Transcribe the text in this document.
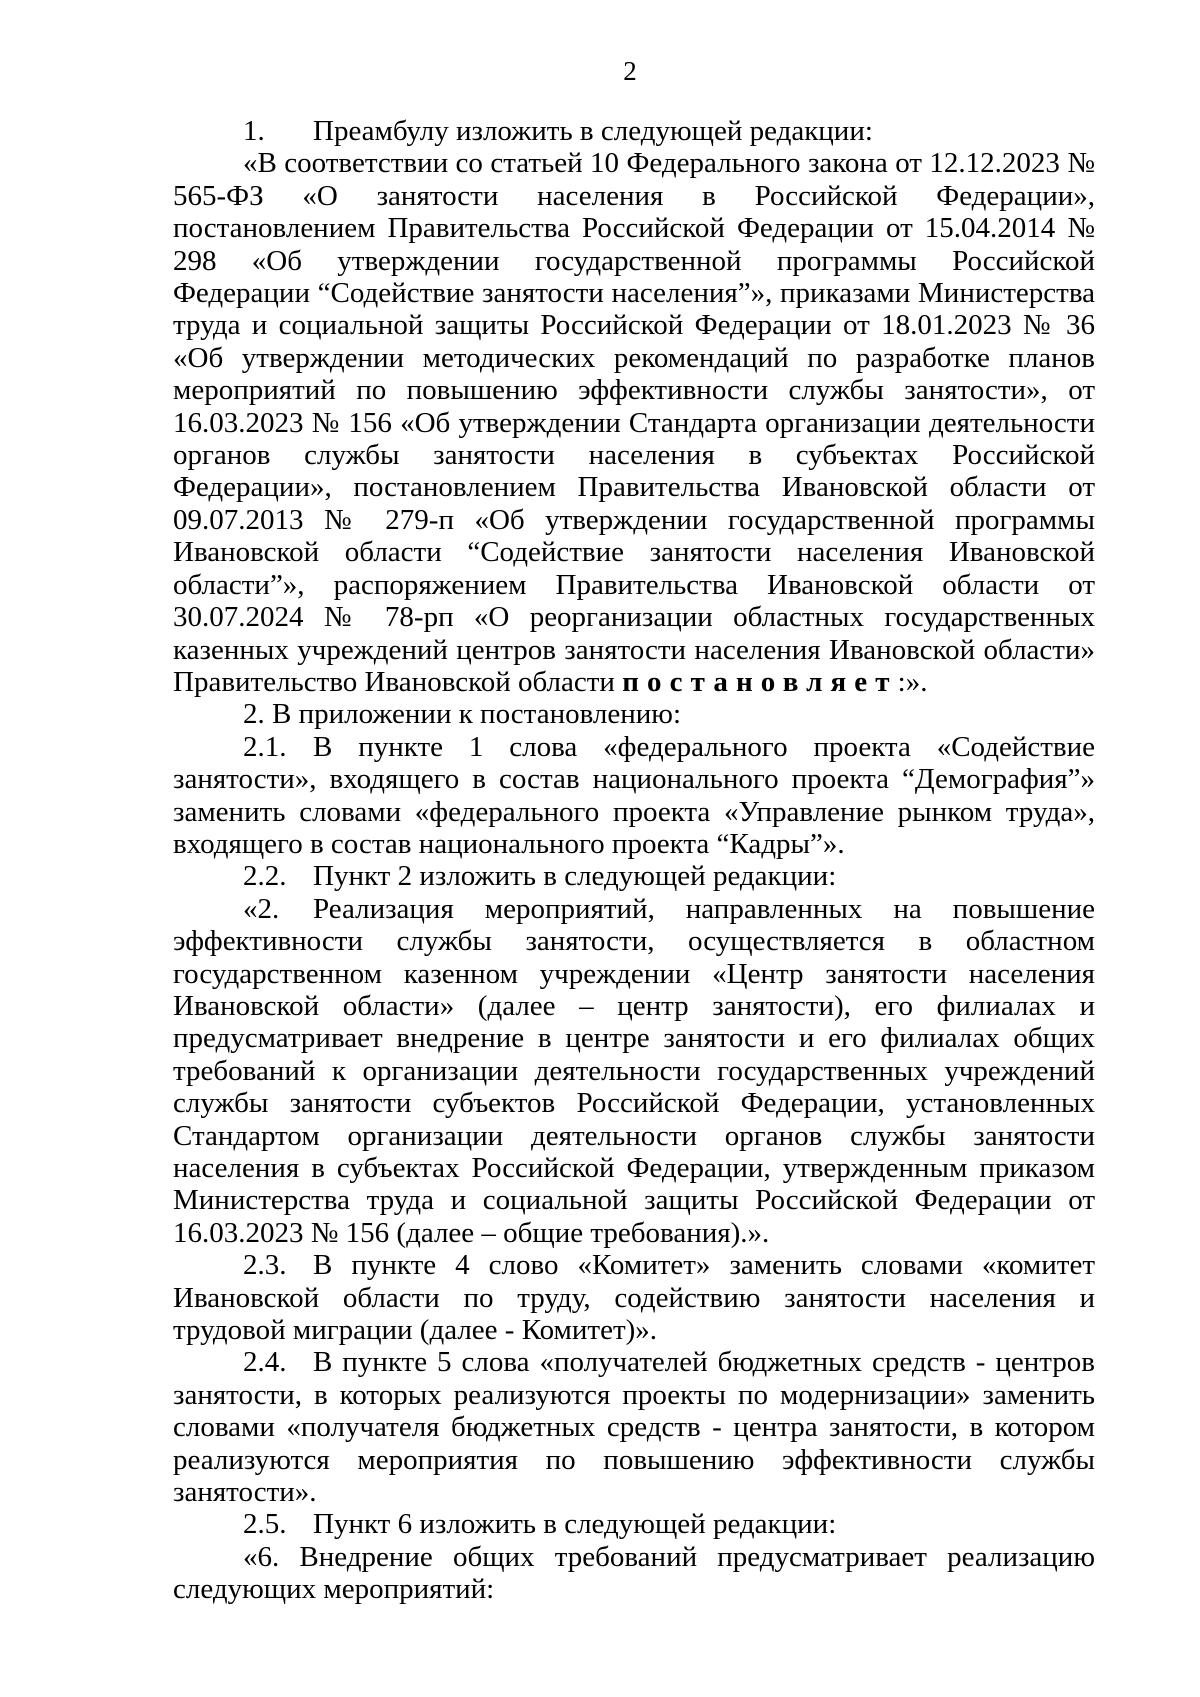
2

1. Преамбулу изложить в следующей редакции:

«В соответствии со статьей 10 Федерального закона от 12.12.2023 № 565-ФЗ «О занятости населения в Российской Федерации», постановлением Правительства Российской Федерации от 15.04.2014 № 298 «Об утверждении государственной программы Российской Федерации “Содействие занятости населения”», приказами Министерства труда и социальной защиты Российской Федерации от 18.01.2023 № 36 «Об утверждении методических рекомендаций по разработке планов мероприятий по повышению эффективности службы занятости», от 16.03.2023 № 156 «Об утверждении Стандарта организации деятельности органов службы занятости населения в субъектах Российской Федерации», постановлением Правительства Ивановской области от 09.07.2013 № 279-п «Об утверждении государственной программы Ивановской области “Содействие занятости населения Ивановской области”», распоряжением Правительства Ивановской области от 30.07.2024 № 78-рп «О реорганизации областных государственных казенных учреждений центров занятости населения Ивановской области» Правительство Ивановской области постановляет:».

2. В приложении к постановлению:

2.1. В пункте 1 слова «федерального проекта «Содействие занятости», входящего в состав национального проекта “Демография”» заменить словами «федерального проекта «Управление рынком труда», входящего в состав национального проекта “Кадры”».

2.2. Пункт 2 изложить в следующей редакции:

«2. Реализация мероприятий, направленных на повышение эффективности службы занятости, осуществляется в областном государственном казенном учреждении «Центр занятости населения Ивановской области» (далее – центр занятости), его филиалах и предусматривает внедрение в центре занятости и его филиалах общих требований к организации деятельности государственных учреждений службы занятости субъектов Российской Федерации, установленных Стандартом организации деятельности органов службы занятости населения в субъектах Российской Федерации, утвержденным приказом Министерства труда и социальной защиты Российской Федерации от 16.03.2023 № 156 (далее – общие требования).».

2.3. В пункте 4 слово «Комитет» заменить словами «комитет Ивановской области по труду, содействию занятости населения и трудовой миграции (далее - Комитет)».

2.4. В пункте 5 слова «получателей бюджетных средств - центров занятости, в которых реализуются проекты по модернизации» заменить словами «получателя бюджетных средств - центра занятости, в котором реализуются мероприятия по повышению эффективности службы занятости».

2.5. Пункт 6 изложить в следующей редакции:

«6. Внедрение общих требований предусматривает реализацию следующих мероприятий:
